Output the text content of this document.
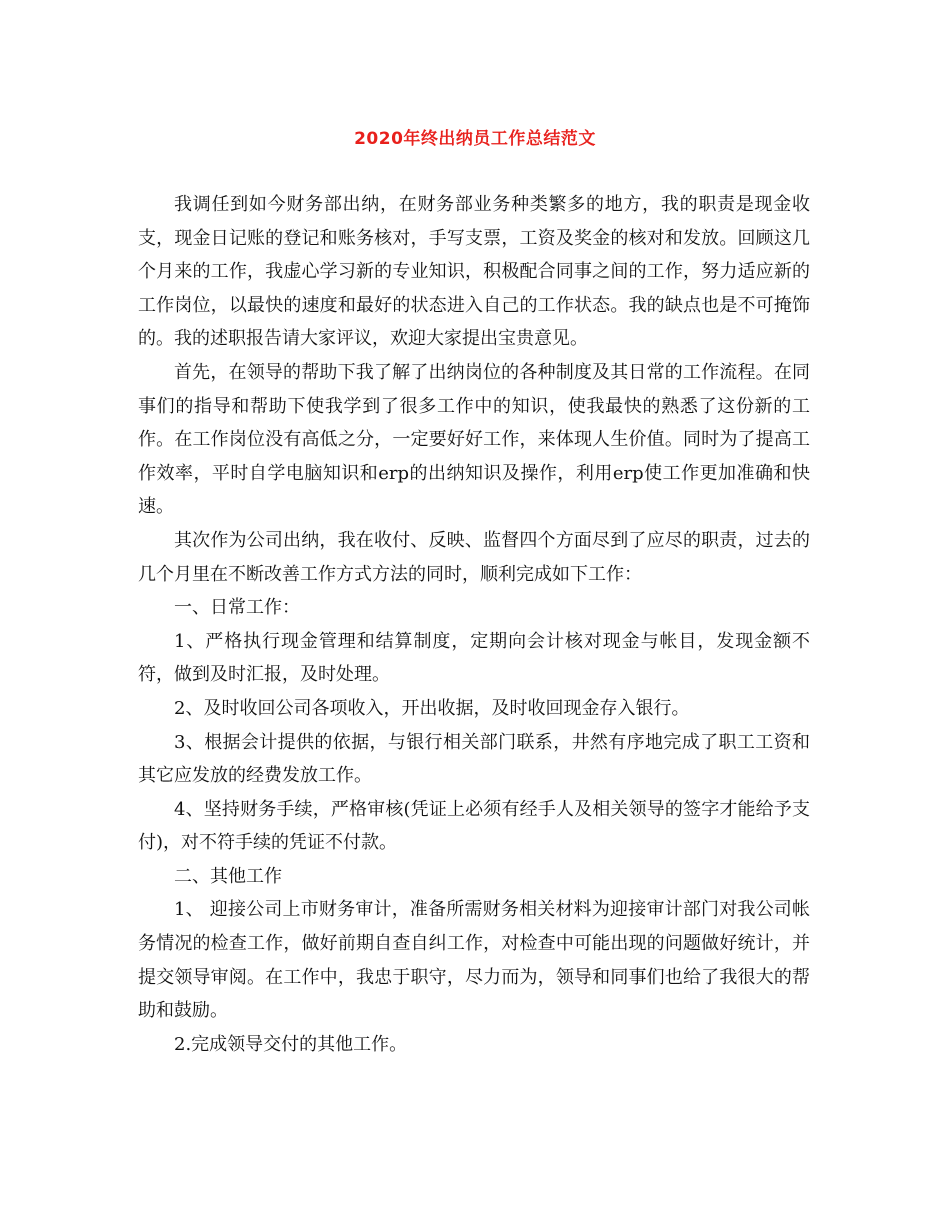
2020年终出纳员工作总结范文

我调任到如今财务部出纳，在财务部业务种类繁多的地方，我的职责是现金收支，现金日记账的登记和账务核对，手写支票，工资及奖金的核对和发放。回顾这几个月来的工作，我虚心学习新的专业知识，积极配合同事之间的工作，努力适应新的工作岗位，以最快的速度和最好的状态进入自己的工作状态。我的缺点也是不可掩饰的。我的述职报告请大家评议，欢迎大家提出宝贵意见。

首先，在领导的帮助下我了解了出纳岗位的各种制度及其日常的工作流程。在同事们的指导和帮助下使我学到了很多工作中的知识，使我最快的熟悉了这份新的工作。在工作岗位没有高低之分，一定要好好工作，来体现人生价值。同时为了提高工作效率，平时自学电脑知识和erp的出纳知识及操作，利用erp使工作更加准确和快速。

其次作为公司出纳，我在收付、反映、监督四个方面尽到了应尽的职责，过去的几个月里在不断改善工作方式方法的同时，顺利完成如下工作：

一、日常工作：

1、严格执行现金管理和结算制度，定期向会计核对现金与帐目，发现金额不符，做到及时汇报，及时处理。

2、及时收回公司各项收入，开出收据，及时收回现金存入银行。

3、根据会计提供的依据，与银行相关部门联系，井然有序地完成了职工工资和其它应发放的经费发放工作。

4、坚持财务手续，严格审核(凭证上必须有经手人及相关领导的签字才能给予支付)，对不符手续的凭证不付款。

二、其他工作

1、 迎接公司上市财务审计，准备所需财务相关材料为迎接审计部门对我公司帐务情况的检查工作，做好前期自查自纠工作，对检查中可能出现的问题做好统计，并提交领导审阅。在工作中，我忠于职守，尽力而为，领导和同事们也给了我很大的帮助和鼓励。

2.完成领导交付的其他工作。
